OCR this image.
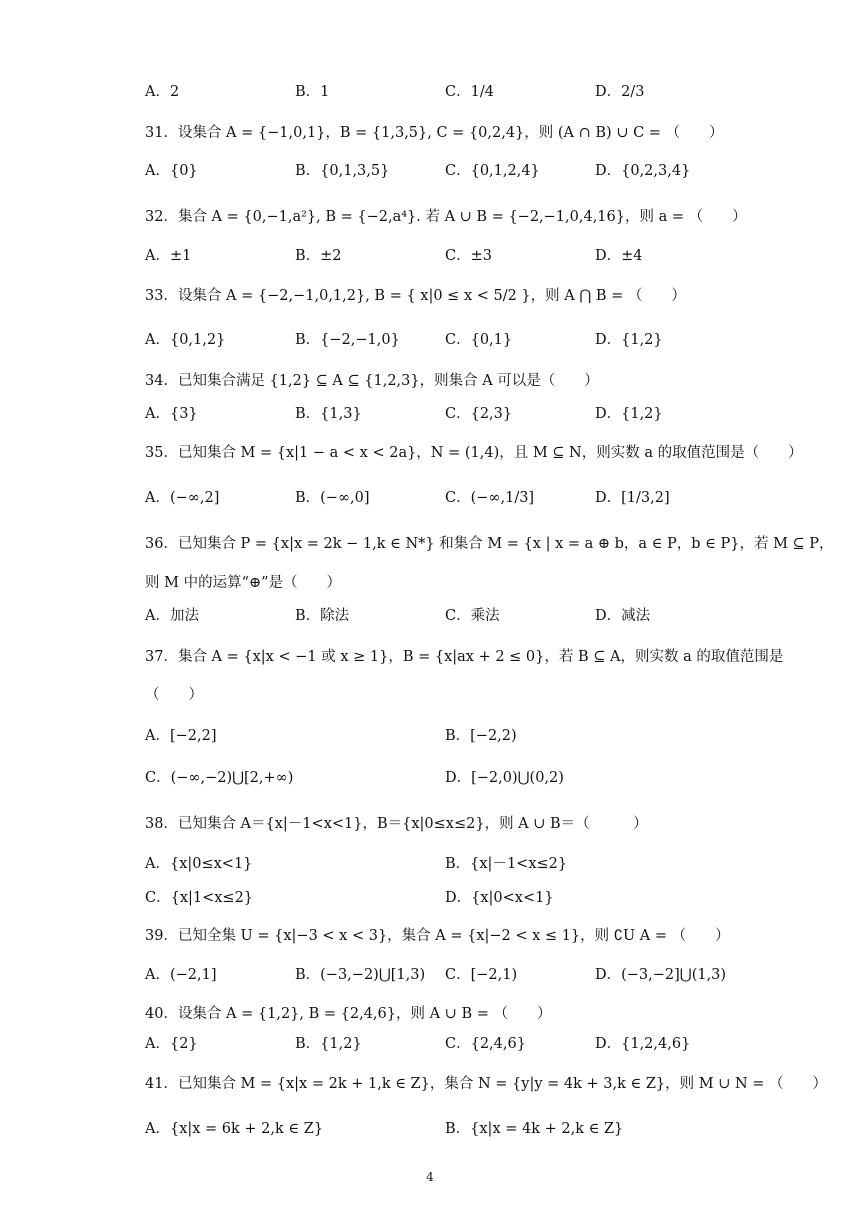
A．2	B．1	C．1/4	D．2/3
31．设集合 A = {−1,0,1}，B = {1,3,5}, C = {0,2,4}，则 (A ∩ B) ∪ C = （　　）
A．{0}	B．{0,1,3,5}	C．{0,1,2,4}	D．{0,2,3,4}
32．集合 A = {0,−1,a²}, B = {−2,a⁴}. 若 A ∪ B = {−2,−1,0,4,16}，则 a = （　　）
A．±1	B．±2	C．±3	D．±4
33．设集合 A = {−2,−1,0,1,2}, B = { x|0 ≤ x < 5/2 }，则 A ⋂ B = （　　）
A．{0,1,2}	B．{−2,−1,0}	C．{0,1}	D．{1,2}
34．已知集合满足 {1,2} ⊆ A ⊆ {1,2,3}，则集合 A 可以是（　　）
A．{3}	B．{1,3}	C．{2,3}	D．{1,2}
35．已知集合 M = {x|1 − a < x < 2a}，N = (1,4)，且 M ⊆ N，则实数 a 的取值范围是（　　）
A．(−∞,2]	B．(−∞,0]	C．(−∞,1/3]	D．[1/3,2]
36．已知集合 P = {x|x = 2k − 1,k ∈ N*} 和集合 M = {x | x = a ⊕ b，a ∈ P，b ∈ P}，若 M ⊆ P，
则 M 中的运算“⊕”是（　　）
A．加法	B．除法	C．乘法	D．减法
37．集合 A = {x|x < −1 或 x ≥ 1}，B = {x|ax + 2 ≤ 0}，若 B ⊆ A，则实数 a 的取值范围是
（　　）
A．[−2,2]	B．[−2,2)
C．(−∞,−2)⋃[2,+∞)	D．[−2,0)⋃(0,2)
38．已知集合 A＝{x|－1<x<1}，B＝{x|0≤x≤2}，则 A ∪ B＝（　　　）
A．{x|0≤x<1}	B．{x|－1<x≤2}
C．{x|1<x≤2}	D．{x|0<x<1}
39．已知全集 U = {x|−3 < x < 3}，集合 A = {x|−2 < x ≤ 1}，则 ∁U A = （　　）
A．(−2,1]	B．(−3,−2)⋃[1,3) C．[−2,1)	D．(−3,−2]⋃(1,3)
40．设集合 A = {1,2}, B = {2,4,6}，则 A ∪ B = （　　）
A．{2}	B．{1,2}	C．{2,4,6}	D．{1,2,4,6}
41．已知集合 M = {x|x = 2k + 1,k ∈ Z}，集合 N = {y|y = 4k + 3,k ∈ Z}，则 M ∪ N = （　　）
A．{x|x = 6k + 2,k ∈ Z}	B．{x|x = 4k + 2,k ∈ Z}
4
